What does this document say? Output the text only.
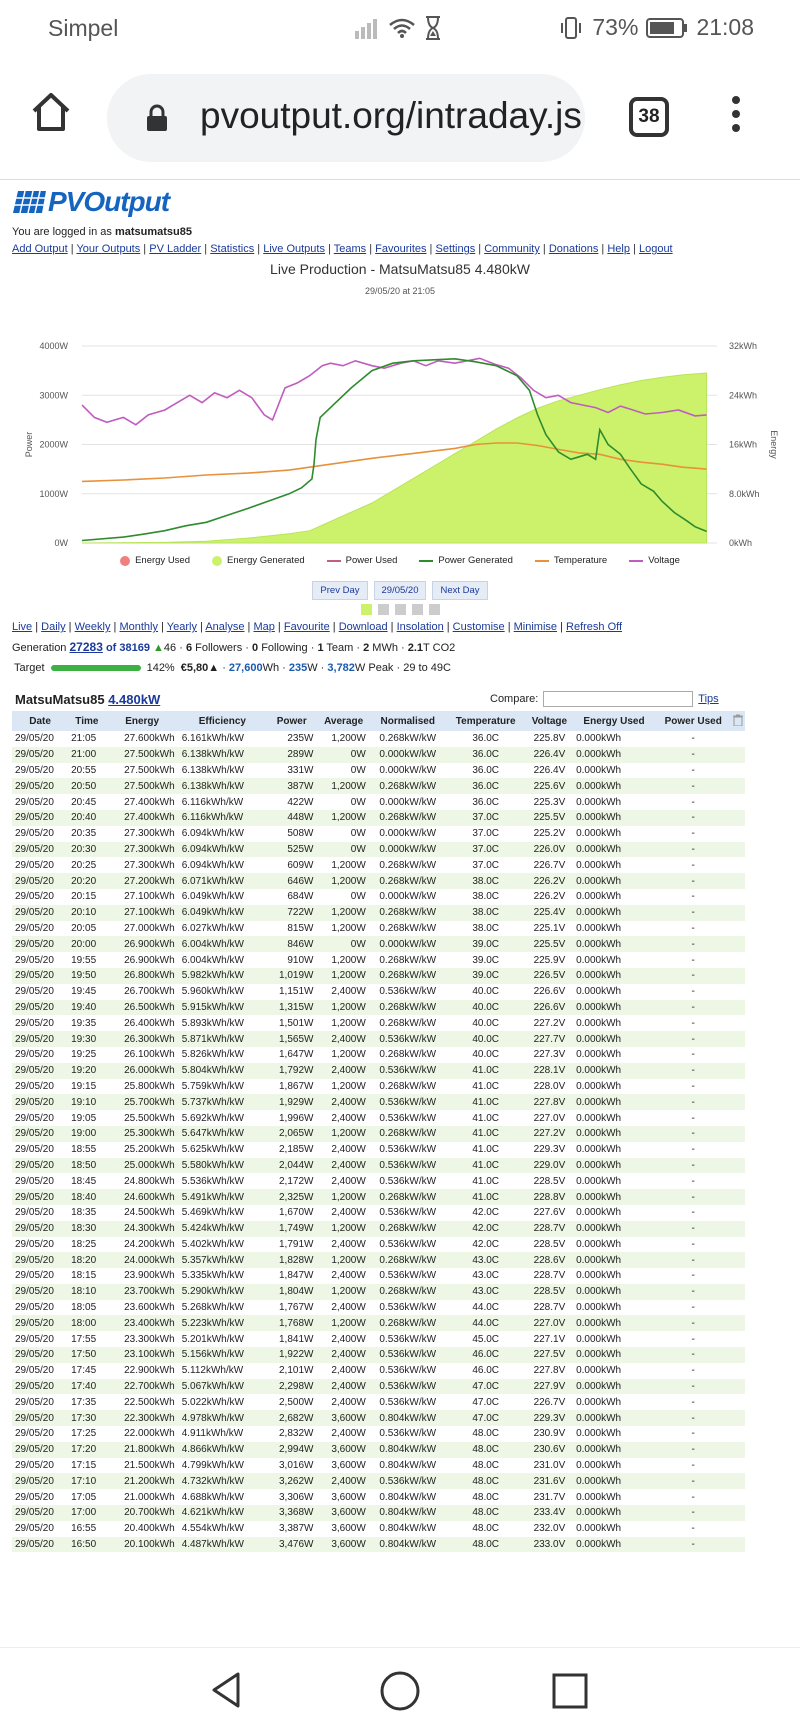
Simpel	73%	21:08
pvoutput.org/intraday.js	38
PVOutput
You are logged in as matsumatsu85
Add Output | Your Outputs | PV Ladder | Statistics | Live Outputs | Teams | Favourites | Settings | Community | Donations | Help | Logout
Live Production - MatsuMatsu85 4.480kW
29/05/20 at 21:05
4000W	32kWh
3000W	24kWh
2000W	16kWh
1000W	8.0kWh
0W	0kWh
Power	Energy
Energy Used	Energy Generated	Power Used	Power Generated	Temperature	Voltage
Prev Day	29/05/20	Next Day
Live | Daily | Weekly | Monthly | Yearly | Analyse | Map | Favourite | Download | Insolation | Customise | Minimise | Refresh Off
Generation 27283 of 38169 ▲46 · 6 Followers · 0 Following · 1 Team · 2 MWh · 2.1T CO2
Target	142% €5,80▲ · 27,600Wh · 235W · 3,782W Peak · 29 to 49C
MatsuMatsu85 4.480kW	Compare:	Tips
Date	Time	Energy	Efficiency	Power	Average	Normalised	Temperature	Voltage	Energy Used	Power Used	
29/05/20	21:05	27.600kWh	6.161kWh/kW	235W	1,200W	0.268kW/kW	36.0C	225.8V	0.000kWh	-	
29/05/20	21:00	27.500kWh	6.138kWh/kW	289W	0W	0.000kW/kW	36.0C	226.4V	0.000kWh	-	
29/05/20	20:55	27.500kWh	6.138kWh/kW	331W	0W	0.000kW/kW	36.0C	226.4V	0.000kWh	-	
29/05/20	20:50	27.500kWh	6.138kWh/kW	387W	1,200W	0.268kW/kW	36.0C	225.6V	0.000kWh	-	
29/05/20	20:45	27.400kWh	6.116kWh/kW	422W	0W	0.000kW/kW	36.0C	225.3V	0.000kWh	-	
29/05/20	20:40	27.400kWh	6.116kWh/kW	448W	1,200W	0.268kW/kW	37.0C	225.5V	0.000kWh	-	
29/05/20	20:35	27.300kWh	6.094kWh/kW	508W	0W	0.000kW/kW	37.0C	225.2V	0.000kWh	-	
29/05/20	20:30	27.300kWh	6.094kWh/kW	525W	0W	0.000kW/kW	37.0C	226.0V	0.000kWh	-	
29/05/20	20:25	27.300kWh	6.094kWh/kW	609W	1,200W	0.268kW/kW	37.0C	226.7V	0.000kWh	-	
29/05/20	20:20	27.200kWh	6.071kWh/kW	646W	1,200W	0.268kW/kW	38.0C	226.2V	0.000kWh	-	
29/05/20	20:15	27.100kWh	6.049kWh/kW	684W	0W	0.000kW/kW	38.0C	226.2V	0.000kWh	-	
29/05/20	20:10	27.100kWh	6.049kWh/kW	722W	1,200W	0.268kW/kW	38.0C	225.4V	0.000kWh	-	
29/05/20	20:05	27.000kWh	6.027kWh/kW	815W	1,200W	0.268kW/kW	38.0C	225.1V	0.000kWh	-	
29/05/20	20:00	26.900kWh	6.004kWh/kW	846W	0W	0.000kW/kW	39.0C	225.5V	0.000kWh	-	
29/05/20	19:55	26.900kWh	6.004kWh/kW	910W	1,200W	0.268kW/kW	39.0C	225.9V	0.000kWh	-	
29/05/20	19:50	26.800kWh	5.982kWh/kW	1,019W	1,200W	0.268kW/kW	39.0C	226.5V	0.000kWh	-	
29/05/20	19:45	26.700kWh	5.960kWh/kW	1,151W	2,400W	0.536kW/kW	40.0C	226.6V	0.000kWh	-	
29/05/20	19:40	26.500kWh	5.915kWh/kW	1,315W	1,200W	0.268kW/kW	40.0C	226.6V	0.000kWh	-	
29/05/20	19:35	26.400kWh	5.893kWh/kW	1,501W	1,200W	0.268kW/kW	40.0C	227.2V	0.000kWh	-	
29/05/20	19:30	26.300kWh	5.871kWh/kW	1,565W	2,400W	0.536kW/kW	40.0C	227.7V	0.000kWh	-	
29/05/20	19:25	26.100kWh	5.826kWh/kW	1,647W	1,200W	0.268kW/kW	40.0C	227.3V	0.000kWh	-	
29/05/20	19:20	26.000kWh	5.804kWh/kW	1,792W	2,400W	0.536kW/kW	41.0C	228.1V	0.000kWh	-	
29/05/20	19:15	25.800kWh	5.759kWh/kW	1,867W	1,200W	0.268kW/kW	41.0C	228.0V	0.000kWh	-	
29/05/20	19:10	25.700kWh	5.737kWh/kW	1,929W	2,400W	0.536kW/kW	41.0C	227.8V	0.000kWh	-	
29/05/20	19:05	25.500kWh	5.692kWh/kW	1,996W	2,400W	0.536kW/kW	41.0C	227.0V	0.000kWh	-	
29/05/20	19:00	25.300kWh	5.647kWh/kW	2,065W	1,200W	0.268kW/kW	41.0C	227.2V	0.000kWh	-	
29/05/20	18:55	25.200kWh	5.625kWh/kW	2,185W	2,400W	0.536kW/kW	41.0C	229.3V	0.000kWh	-	
29/05/20	18:50	25.000kWh	5.580kWh/kW	2,044W	2,400W	0.536kW/kW	41.0C	229.0V	0.000kWh	-	
29/05/20	18:45	24.800kWh	5.536kWh/kW	2,172W	2,400W	0.536kW/kW	41.0C	228.5V	0.000kWh	-	
29/05/20	18:40	24.600kWh	5.491kWh/kW	2,325W	1,200W	0.268kW/kW	41.0C	228.8V	0.000kWh	-	
29/05/20	18:35	24.500kWh	5.469kWh/kW	1,670W	2,400W	0.536kW/kW	42.0C	227.6V	0.000kWh	-	
29/05/20	18:30	24.300kWh	5.424kWh/kW	1,749W	1,200W	0.268kW/kW	42.0C	228.7V	0.000kWh	-	
29/05/20	18:25	24.200kWh	5.402kWh/kW	1,791W	2,400W	0.536kW/kW	42.0C	228.5V	0.000kWh	-	
29/05/20	18:20	24.000kWh	5.357kWh/kW	1,828W	1,200W	0.268kW/kW	43.0C	228.6V	0.000kWh	-	
29/05/20	18:15	23.900kWh	5.335kWh/kW	1,847W	2,400W	0.536kW/kW	43.0C	228.7V	0.000kWh	-	
29/05/20	18:10	23.700kWh	5.290kWh/kW	1,804W	1,200W	0.268kW/kW	43.0C	228.5V	0.000kWh	-	
29/05/20	18:05	23.600kWh	5.268kWh/kW	1,767W	2,400W	0.536kW/kW	44.0C	228.7V	0.000kWh	-	
29/05/20	18:00	23.400kWh	5.223kWh/kW	1,768W	1,200W	0.268kW/kW	44.0C	227.0V	0.000kWh	-	
29/05/20	17:55	23.300kWh	5.201kWh/kW	1,841W	2,400W	0.536kW/kW	45.0C	227.1V	0.000kWh	-	
29/05/20	17:50	23.100kWh	5.156kWh/kW	1,922W	2,400W	0.536kW/kW	46.0C	227.5V	0.000kWh	-	
29/05/20	17:45	22.900kWh	5.112kWh/kW	2,101W	2,400W	0.536kW/kW	46.0C	227.8V	0.000kWh	-	
29/05/20	17:40	22.700kWh	5.067kWh/kW	2,298W	2,400W	0.536kW/kW	47.0C	227.9V	0.000kWh	-	
29/05/20	17:35	22.500kWh	5.022kWh/kW	2,500W	2,400W	0.536kW/kW	47.0C	226.7V	0.000kWh	-	
29/05/20	17:30	22.300kWh	4.978kWh/kW	2,682W	3,600W	0.804kW/kW	47.0C	229.3V	0.000kWh	-	
29/05/20	17:25	22.000kWh	4.911kWh/kW	2,832W	2,400W	0.536kW/kW	48.0C	230.9V	0.000kWh	-	
29/05/20	17:20	21.800kWh	4.866kWh/kW	2,994W	3,600W	0.804kW/kW	48.0C	230.6V	0.000kWh	-	
29/05/20	17:15	21.500kWh	4.799kWh/kW	3,016W	3,600W	0.804kW/kW	48.0C	231.0V	0.000kWh	-	
29/05/20	17:10	21.200kWh	4.732kWh/kW	3,262W	2,400W	0.536kW/kW	48.0C	231.6V	0.000kWh	-	
29/05/20	17:05	21.000kWh	4.688kWh/kW	3,306W	3,600W	0.804kW/kW	48.0C	231.7V	0.000kWh	-	
29/05/20	17:00	20.700kWh	4.621kWh/kW	3,368W	3,600W	0.804kW/kW	48.0C	233.4V	0.000kWh	-	
29/05/20	16:55	20.400kWh	4.554kWh/kW	3,387W	3,600W	0.804kW/kW	48.0C	232.0V	0.000kWh	-	
29/05/20	16:50	20.100kWh	4.487kWh/kW	3,476W	3,600W	0.804kW/kW	48.0C	233.0V	0.000kWh	-	
